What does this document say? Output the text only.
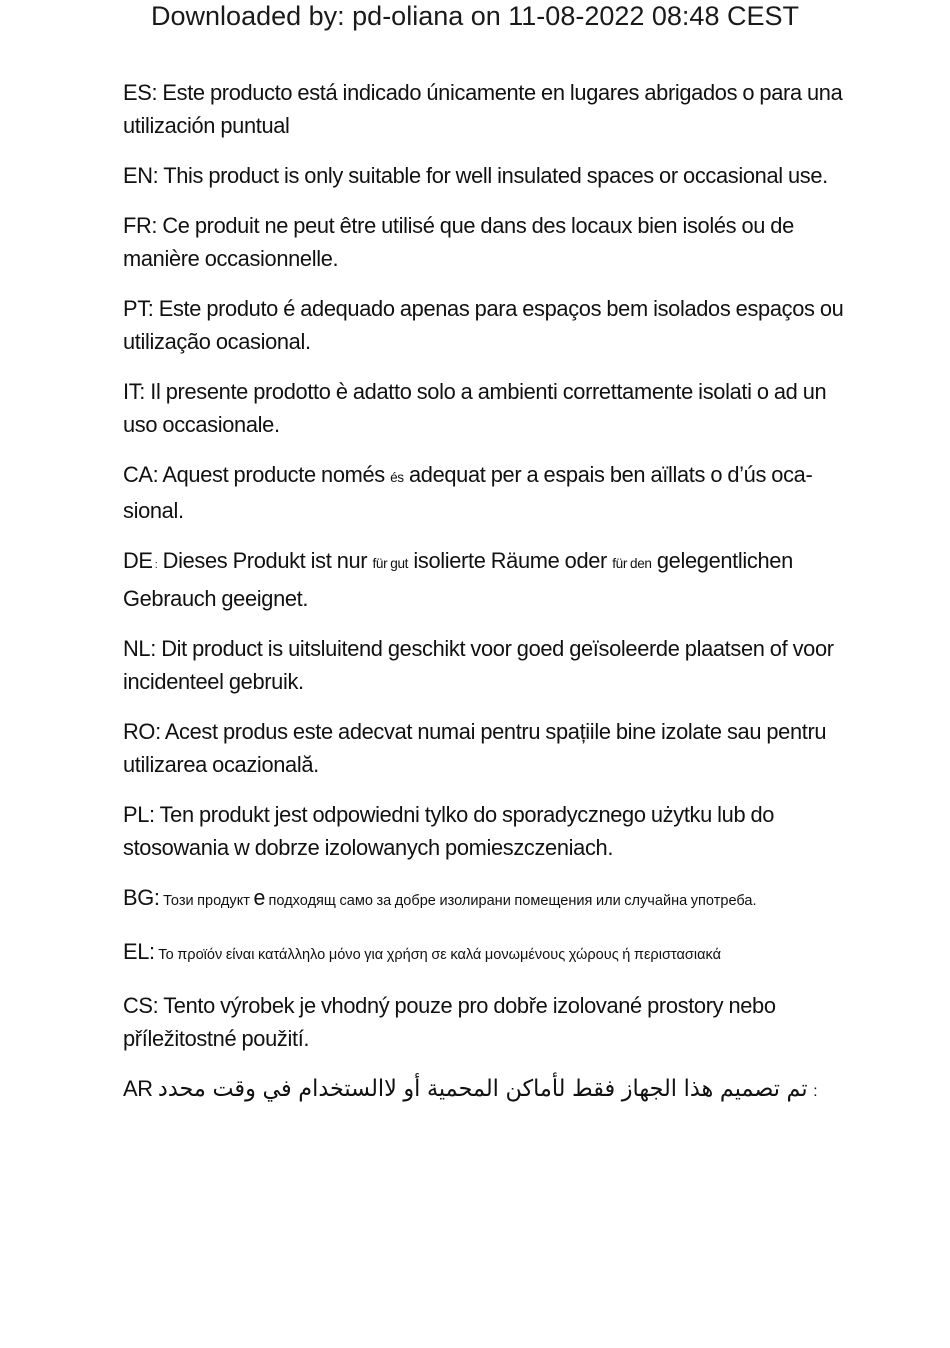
Downloaded by: pd-oliana on 11-08-2022 08:48 CEST

ES: Este producto está indicado únicamente en lugares abrigados o para una utilización puntual

EN: This product is only suitable for well insulated spaces or occasional use.

FR: Ce produit ne peut être utilisé que dans des locaux bien isolés ou de manière occasionnelle.

PT: Este produto é adequado apenas para espaços bem isolados espaços ou utilização ocasional.

IT: Il presente prodotto è adatto solo a ambienti correttamente isolati o ad un uso occasionale.

CA: Aquest producte només és adequat per a espais ben aïllats o d’ús oca-sional.

DE : Dieses Produkt ist nur für gut isolierte Räume oder für den gelegentlichen Gebrauch geeignet.

NL: Dit product is uitsluitend geschikt voor goed geïsoleerde plaatsen of voor incidenteel gebruik.

RO: Acest produs este adecvat numai pentru spațiile bine izolate sau pentru utilizarea ocazională.

PL: Ten produkt jest odpowiedni tylko do sporadycznego użytku lub do stosowania w dobrze izolowanych pomieszczeniach.

BG: Този продукт е подходящ само за добре изолирани помещения или случайна употреба.

EL: Το προϊόν είναι κατάλληλο μόνο για χρήση σε καλά μονωμένους χώρους ή περιστασιακά

CS: Tento výrobek je vhodný pouze pro dobře izolované prostory nebo příležitostné použití.

AR تم تصميم هذا الجهاز فقط لأماكن المحمية أو لاالستخدام في وقت محدد :
